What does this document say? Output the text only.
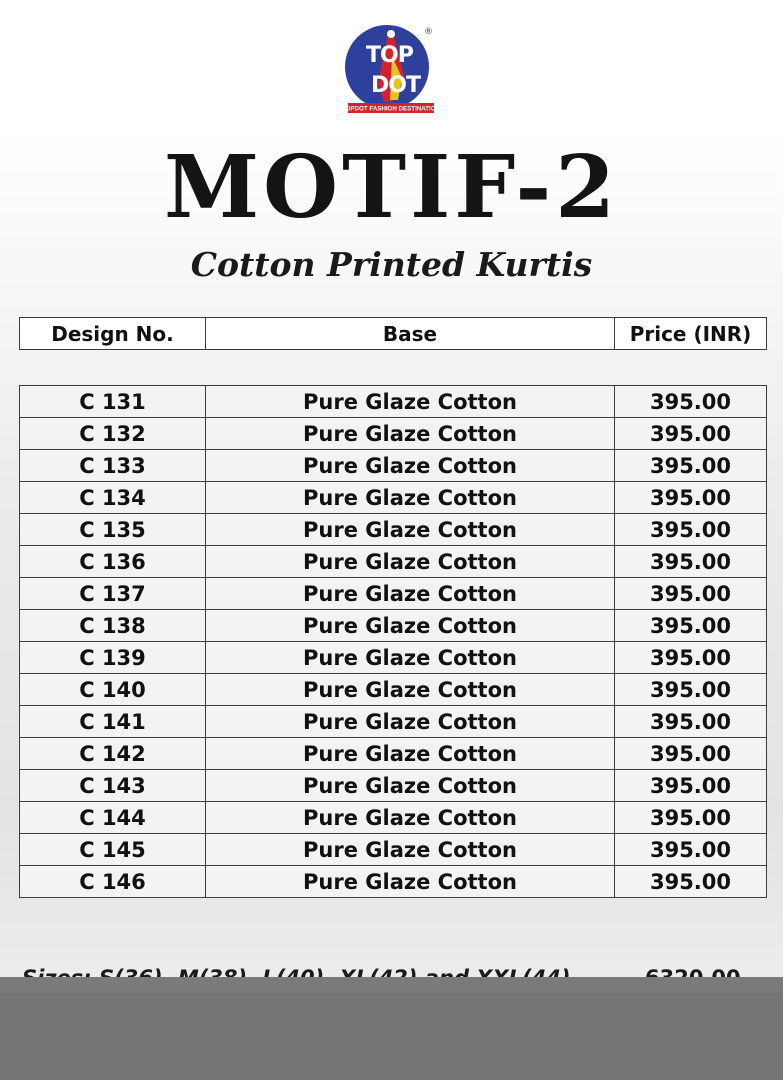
TOPDOT FASHION DESTINATION
TOP
DOT
®
MOTIF-2
Cotton Printed Kurtis
Design No.	Base	Price (INR)
C 131	Pure Glaze Cotton	395.00
C 132	Pure Glaze Cotton	395.00
C 133	Pure Glaze Cotton	395.00
C 134	Pure Glaze Cotton	395.00
C 135	Pure Glaze Cotton	395.00
C 136	Pure Glaze Cotton	395.00
C 137	Pure Glaze Cotton	395.00
C 138	Pure Glaze Cotton	395.00
C 139	Pure Glaze Cotton	395.00
C 140	Pure Glaze Cotton	395.00
C 141	Pure Glaze Cotton	395.00
C 142	Pure Glaze Cotton	395.00
C 143	Pure Glaze Cotton	395.00
C 144	Pure Glaze Cotton	395.00
C 145	Pure Glaze Cotton	395.00
C 146	Pure Glaze Cotton	395.00
